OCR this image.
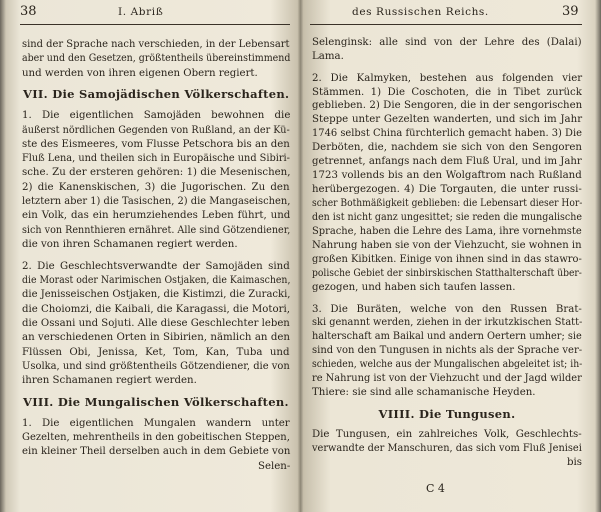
38	I. Abriß
sind der Sprache nach verschieden, in der Lebensart
aber und den Gesetzen, größtentheils übereinstimmend
und werden von ihren eigenen Obern regiert.
VII. Die Samojädischen Völkerschaften.
1. Die eigentlichen Samojäden bewohnen die
äußerst nördlichen Gegenden von Rußland, an der Kü-
ste des Eismeeres, vom Flusse Petschora bis an den
Fluß Lena, und theilen sich in Europäische und Sibiri-
sche. Zu der ersteren gehören: 1) die Mesenischen,
2) die Kanenskischen, 3) die Jugorischen. Zu den
letztern aber 1) die Tasischen, 2) die Mangaseischen,
ein Volk, das ein herumziehendes Leben führt, und
sich von Rennthieren ernähret. Alle sind Götzendiener,
die von ihren Schamanen regiert werden.
2. Die Geschlechtsverwandte der Samojäden sind
die Morast oder Narimischen Ostjaken, die Kaimaschen,
die Jenisseischen Ostjaken, die Kistimzi, die Zuracki,
die Choiomzi, die Kaibali, die Karagassi, die Motori,
die Ossani und Sojuti. Alle diese Geschlechter leben
an verschiedenen Orten in Sibirien, nämlich an den
Flüssen Obi, Jenissa, Ket, Tom, Kan, Tuba und
Usolka, und sind größtentheils Götzendiener, die von
ihren Schamanen regiert werden.
VIII. Die Mungalischen Völkerschaften.
1. Die eigentlichen Mungalen wandern unter
Gezelten, mehrentheils in den gobeitischen Steppen,
ein kleiner Theil derselben auch in dem Gebiete von
Selen-
des Russischen Reichs.	39
Selenginsk: alle sind von der Lehre des (Dalai)
Lama.
2. Die Kalmyken, bestehen aus folgenden vier
Stämmen. 1) Die Coschoten, die in Tibet zurück
geblieben. 2) Die Sengoren, die in der sengorischen
Steppe unter Gezelten wanderten, und sich im Jahr
1746 selbst China fürchterlich gemacht haben. 3) Die
Derböten, die, nachdem sie sich von den Sengoren
getrennet, anfangs nach dem Fluß Ural, und im Jahr
1723 vollends bis an den Wolgaftrom nach Rußland
herübergezogen. 4) Die Torgauten, die unter russi-
scher Bothmäßigkeit geblieben: die Lebensart dieser Hor-
den ist nicht ganz ungesittet; sie reden die mungalische
Sprache, haben die Lehre des Lama, ihre vornehmste
Nahrung haben sie von der Viehzucht, sie wohnen in
großen Kibitken. Einige von ihnen sind in das stawro-
polische Gebiet der sinbirskischen Statthalterschaft über-
gezogen, und haben sich taufen lassen.
3. Die Buräten, welche von den Russen Brat-
ski genannt werden, ziehen in der irkutzkischen Statt-
halterschaft am Baikal und andern Oertern umher; sie
sind von den Tungusen in nichts als der Sprache ver-
schieden, welche aus der Mungalischen abgeleitet ist; ih-
re Nahrung ist von der Viehzucht und der Jagd wilder
Thiere: sie sind alle schamanische Heyden.
VIIII. Die Tungusen.
Die Tungusen, ein zahlreiches Volk, Geschlechts-
verwandte der Manschuren, das sich vom Fluß Jenisei
bis
C 4
